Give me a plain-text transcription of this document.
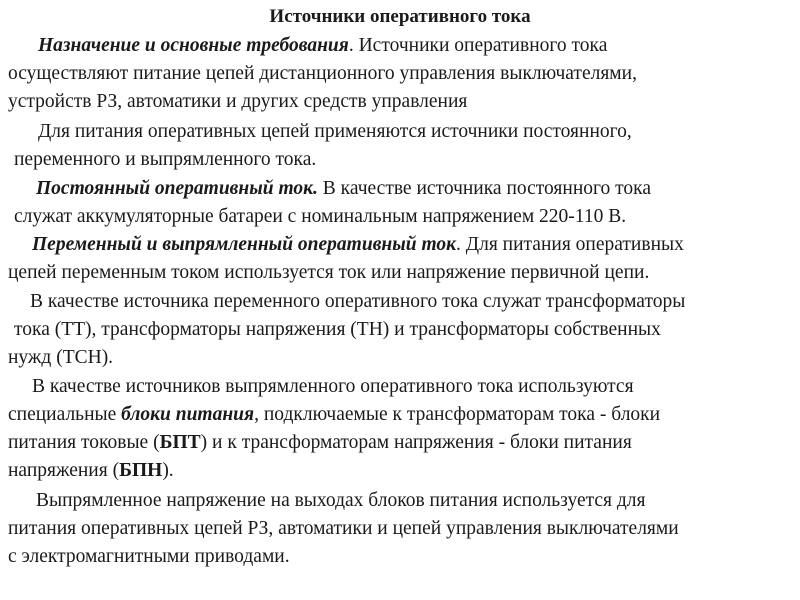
Источники оперативного тока
Назначение и основные требования. Источники оперативного тока
осуществляют питание цепей дистанционного управления выключателями,
устройств РЗ, автоматики и других средств управления
Для питания оперативных цепей применяются источники постоянного,
переменного и выпрямленного тока.
Постоянный оперативный ток. В качестве источника постоянного тока
служат аккумуляторные батареи с номинальным напряжением 220-110 В.
Переменный и выпрямленный оперативный ток. Для питания оперативных
цепей переменным током используется ток или напряжение первичной цепи.
В качестве источника переменного оперативного тока служат трансформаторы
тока (ТТ), трансформаторы напряжения (ТН) и трансформаторы собственных
нужд (ТСН).
В качестве источников выпрямленного оперативного тока используются
специальные блоки питания, подключаемые к трансформаторам тока - блоки
питания токовые (БПТ) и к трансформаторам напряжения - блоки питания
напряжения (БПН).
Выпрямленное напряжение на выходах блоков питания используется для
питания оперативных цепей РЗ, автоматики и цепей управления выключателями
с электромагнитными приводами.
